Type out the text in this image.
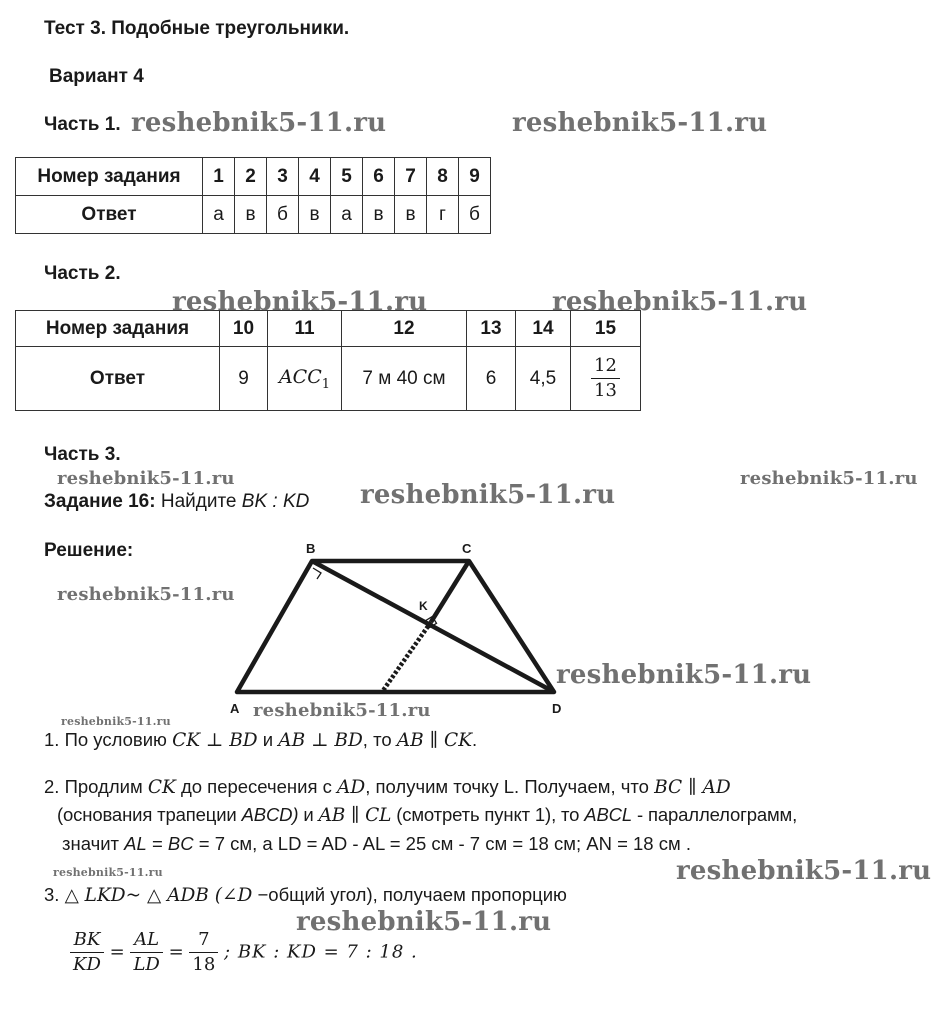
Тест 3. Подобные треугольники.
Вариант 4
Часть 1.
Номер задания	1	2	3	4	5	6	7	8	9
Ответ	а	в	б	в	а	в	в	г	б
Часть 2.
Номер задания	10	11	12	13	14	15
Ответ	9	$ACC_1$	7 м 40 см	6	4,5	$\frac{12}{13}$
Часть 3.
Задание 16: Найдите BK : KD
Решение:
A
B	C
D
K
1. По условию CK ⊥ BD и AB ⊥ BD, то AB ∥ CK.
2. Продлим CK до пересечения с AD, получим точку L. Получаем, что BC ∥ AD
(основания трапеции ABCD) и AB ∥ CL (смотреть пункт 1), то ABCL - параллелограмм,
значит AL = BC = 7 см, а LD = AD - AL = 25 см - 7 см = 18 см; AN = 18 см .
3. △ LKD~ △ ADB (∠D −общий угол), получаем пропорцию
$\frac{BK}{KD} = \frac{AL}{LD} = \frac{7}{18}$ ; BK : KD = 7 : 18 .
reshebnik5-11.ru	reshebnik5-11.ru
reshebnik5-11.ru	reshebnik5-11.ru
reshebnik5-11.ru	reshebnik5-11.ru
reshebnik5-11.ru
reshebnik5-11.ru
reshebnik5-11.ru
reshebnik5-11.ru
reshebnik5-11.ru
reshebnik5-11.ru
reshebnik5-11.ru
reshebnik5-11.ru
